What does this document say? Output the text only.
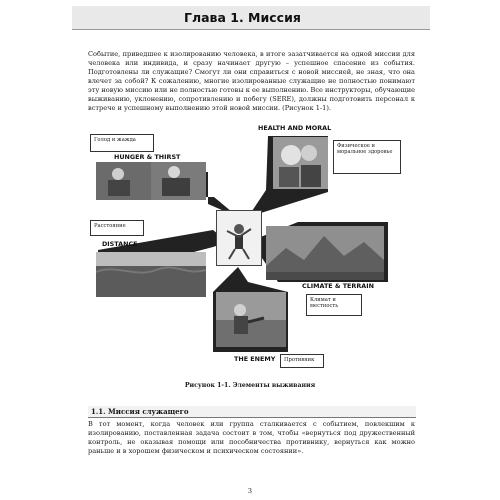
Глава 1. Миссия

Событие, приведшее к изолированию человека, в итоге зазатчивается на одной миссии для человека или индивида, и сразу начинает другую – успешное спасение из события. Подготовлены ли служащие? Смогут ли они справиться с новой миссией, не зная, что она влечет за собой? К сожалению, многие изолированные служащие не полностью понимают эту новую миссию или не полностью готовы к ее выполнению. Все инструкторы, обучающие выживанию, уклонению, сопротивлению и побегу (SERE), должны подготовить персонал к встрече и успешному выполнению этой новой миссии. (Рисунок 1-1).

Голод и жажда
HUNGER & THIRST
HEALTH AND MORAL
Физическое и моральное здоровье
Расстояние
DISTANCE
CLIMATE & TERRAIN
Климат и местность
THE ENEMY	Противник
Рисунок 1-1. Элементы выживания
1.1. Миссия служащего

В тот момент, когда человек или группа сталкивается с событием, повлекшим к изолированию, поставленная задача состоит в том, чтобы «вернуться под дружественный контроль, не оказывая помощи или пособничества противнику, вернуться как можно раньше и в хорошем физическом и психическом состоянии».

3
